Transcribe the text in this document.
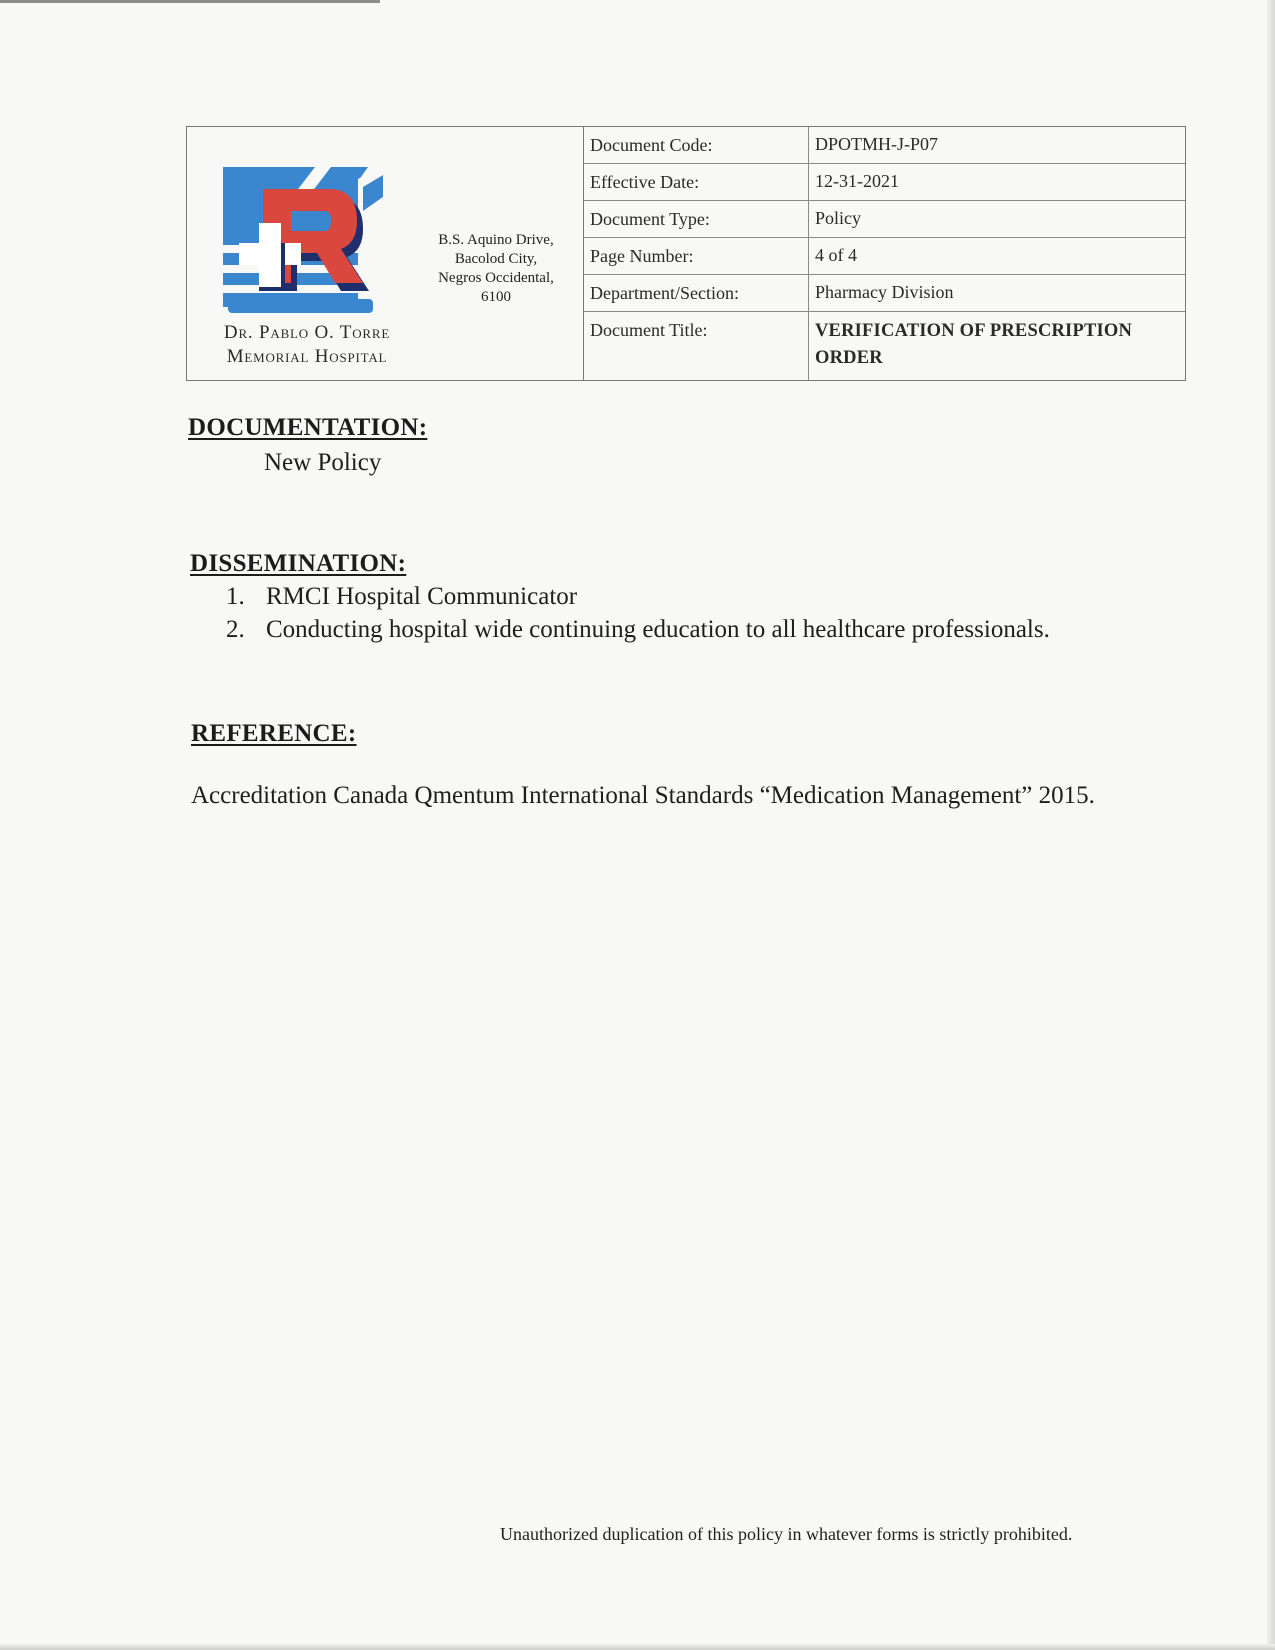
Dr. Pablo O. Torre
Memorial Hospital
B.S. Aquino Drive,
Bacolod City,
Negros Occidental,
6100
Document Code:	DPOTMH-J-P07
Effective Date:	12-31-2021
Document Type:	Policy
Page Number:	4 of 4
Department/Section:	Pharmacy Division
Document Title:	VERIFICATION OF PRESCRIPTION ORDER
DOCUMENTATION:
New Policy
DISSEMINATION:
1. RMCI Hospital Communicator
2. Conducting hospital wide continuing education to all healthcare professionals.
REFERENCE:
Accreditation Canada Qmentum International Standards “Medication Management” 2015.
Unauthorized duplication of this policy in whatever forms is strictly prohibited.
